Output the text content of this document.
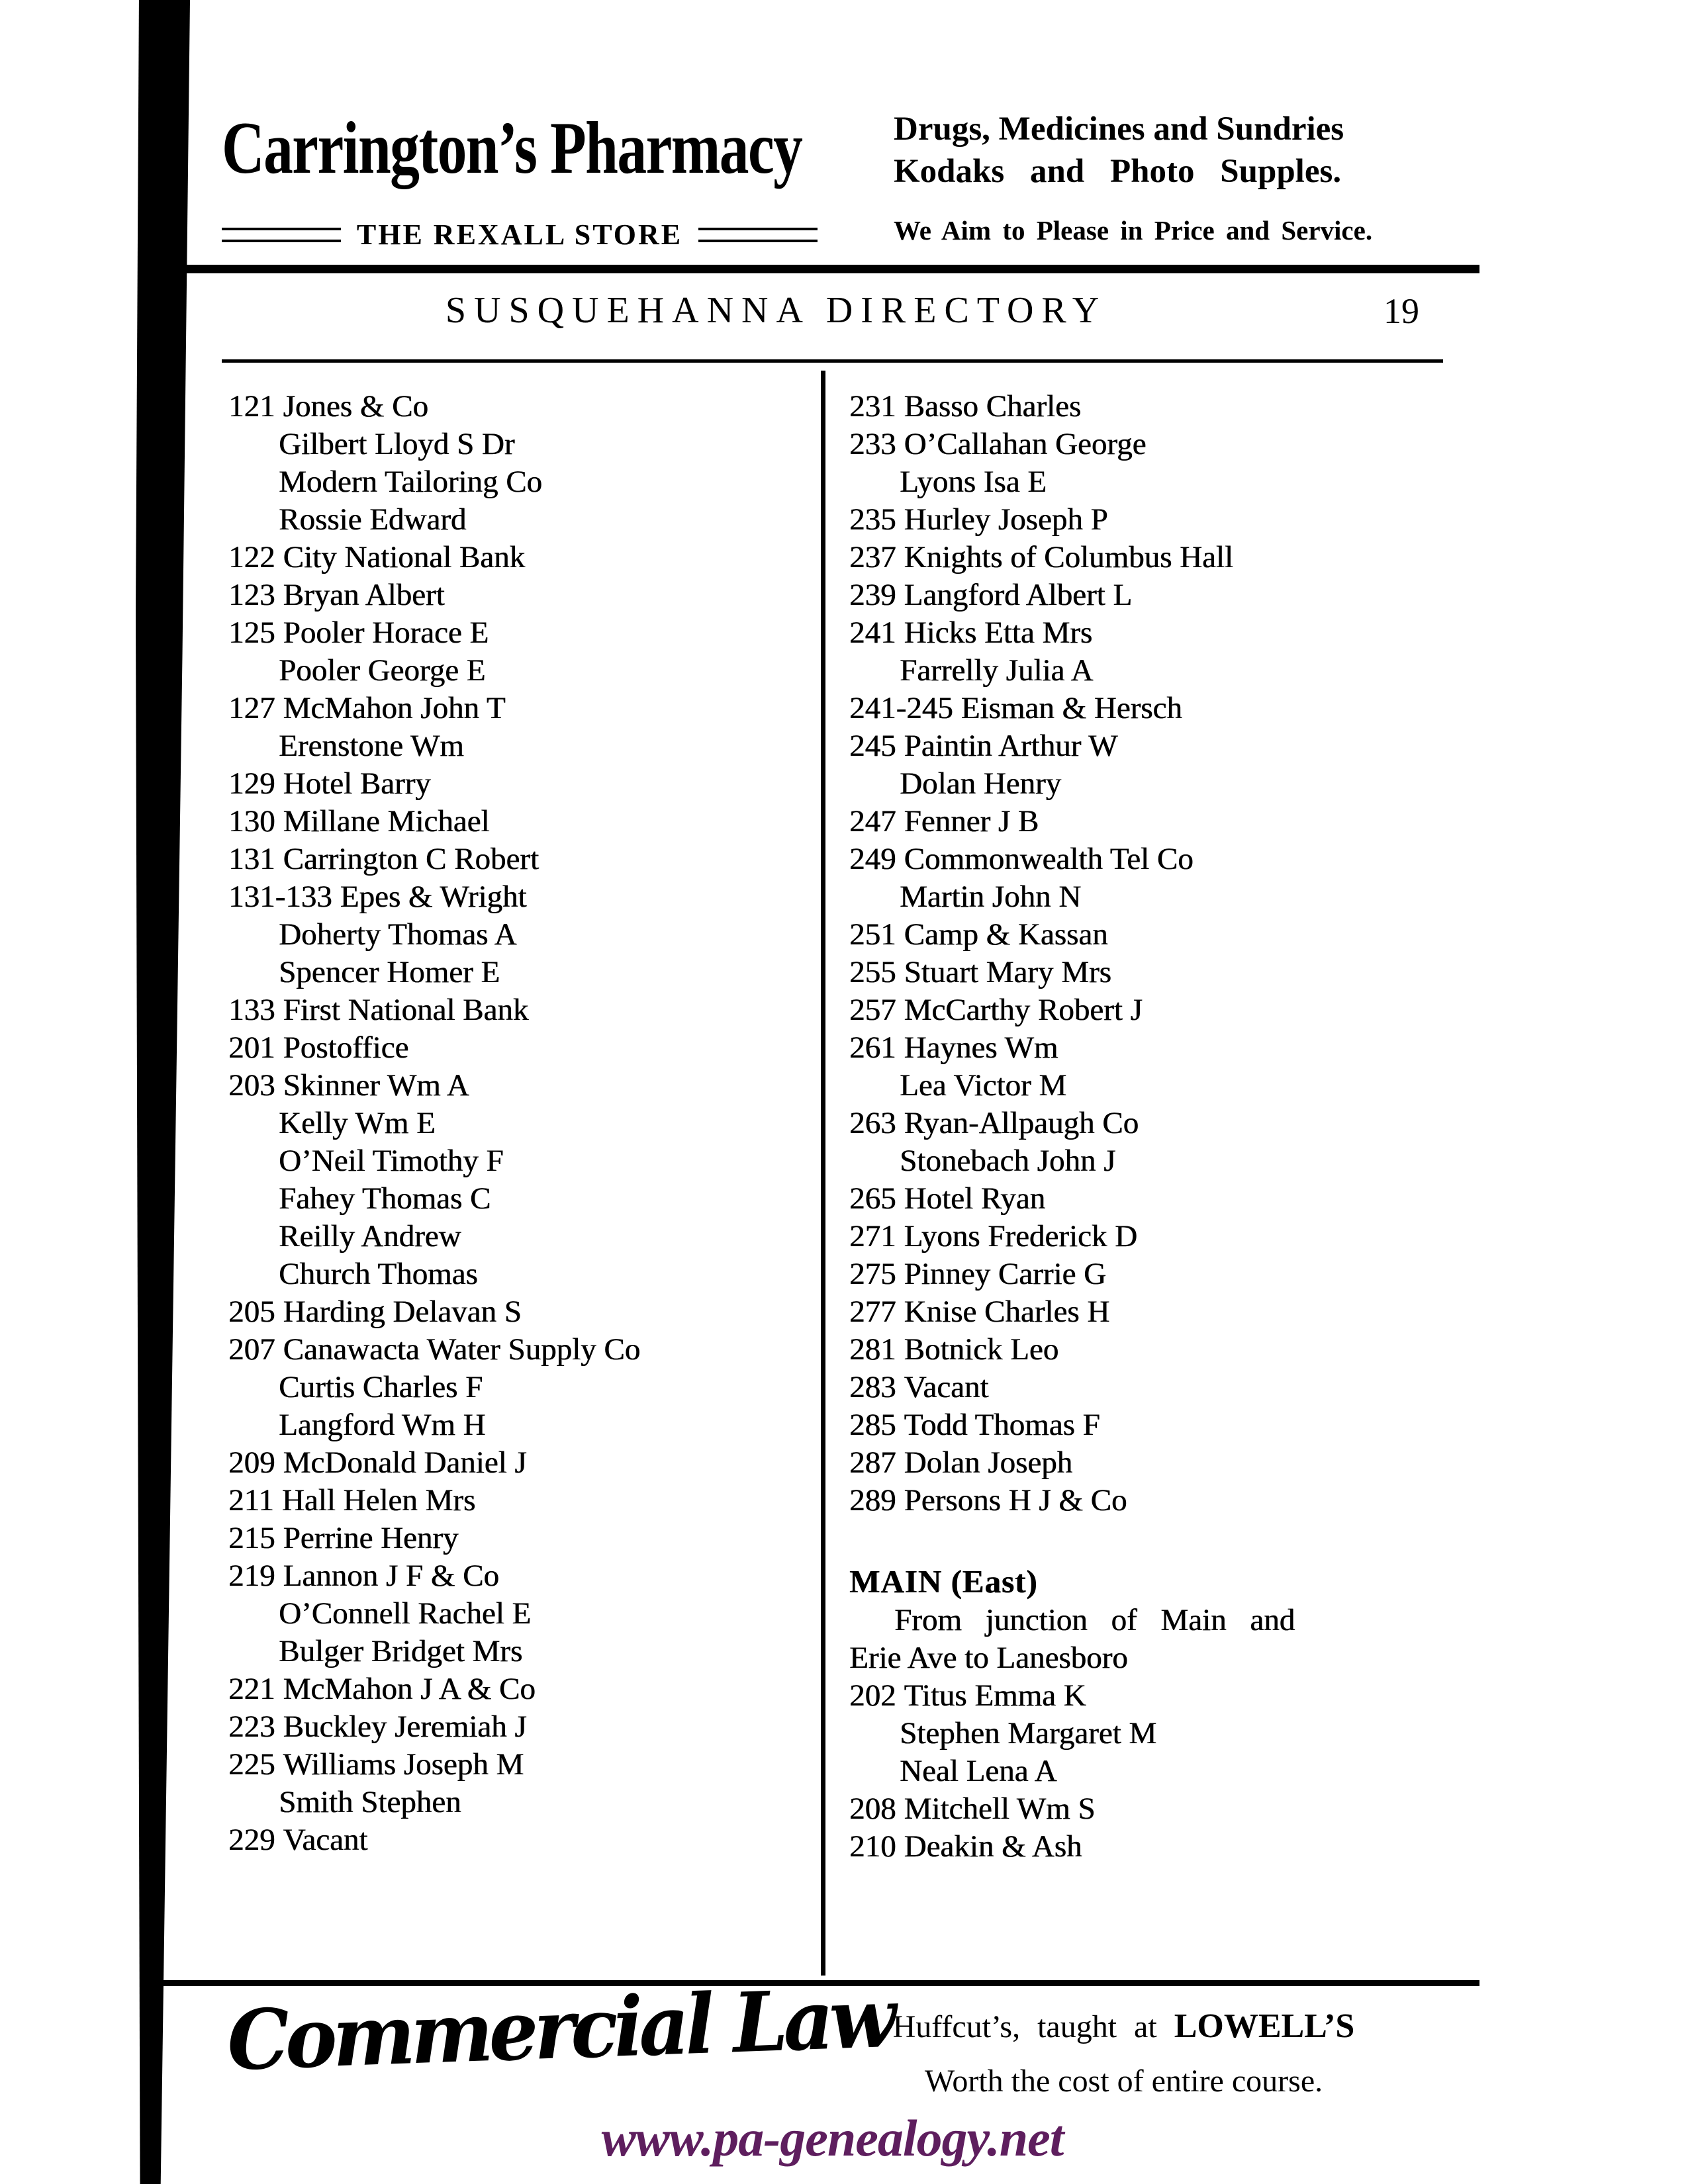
Carrington’s Pharmacy
THE REXALL STORE
Drugs, Medicines and Sundries
Kodaks and Photo Supples.
We Aim to Please in Price and Service.
SUSQUEHANNA DIRECTORY	19
121 Jones & Co
Gilbert Lloyd S Dr
Modern Tailoring Co
Rossie Edward
122 City National Bank
123 Bryan Albert
125 Pooler Horace E
Pooler George E
127 McMahon John T
Erenstone Wm
129 Hotel Barry
130 Millane Michael
131 Carrington C Robert
131-133 Epes & Wright
Doherty Thomas A
Spencer Homer E
133 First National Bank
201 Postoffice
203 Skinner Wm A
Kelly Wm E
O’Neil Timothy F
Fahey Thomas C
Reilly Andrew
Church Thomas
205 Harding Delavan S
207 Canawacta Water Supply Co
Curtis Charles F
Langford Wm H
209 McDonald Daniel J
211 Hall Helen Mrs
215 Perrine Henry
219 Lannon J F & Co
O’Connell Rachel E
Bulger Bridget Mrs
221 McMahon J A & Co
223 Buckley Jeremiah J
225 Williams Joseph M
Smith Stephen
229 Vacant
231 Basso Charles
233 O’Callahan George
Lyons Isa E
235 Hurley Joseph P
237 Knights of Columbus Hall
239 Langford Albert L
241 Hicks Etta Mrs
Farrelly Julia A
241-245 Eisman & Hersch
245 Paintin Arthur W
Dolan Henry
247 Fenner J B
249 Commonwealth Tel Co
Martin John N
251 Camp & Kassan
255 Stuart Mary Mrs
257 McCarthy Robert J
261 Haynes Wm
Lea Victor M
263 Ryan-Allpaugh Co
Stonebach John J
265 Hotel Ryan
271 Lyons Frederick D
275 Pinney Carrie G
277 Knise Charles H
281 Botnick Leo
283 Vacant
285 Todd Thomas F
287 Dolan Joseph
289 Persons H J & Co
MAIN (East)
From junction of Main and
Erie Ave to Lanesboro
202 Titus Emma K
Stephen Margaret M
Neal Lena A
208 Mitchell Wm S
210 Deakin & Ash
Commercial Law
Huffcut’s, taught at LOWELL’S
Worth the cost of entire course.
www.pa-genealogy.net
